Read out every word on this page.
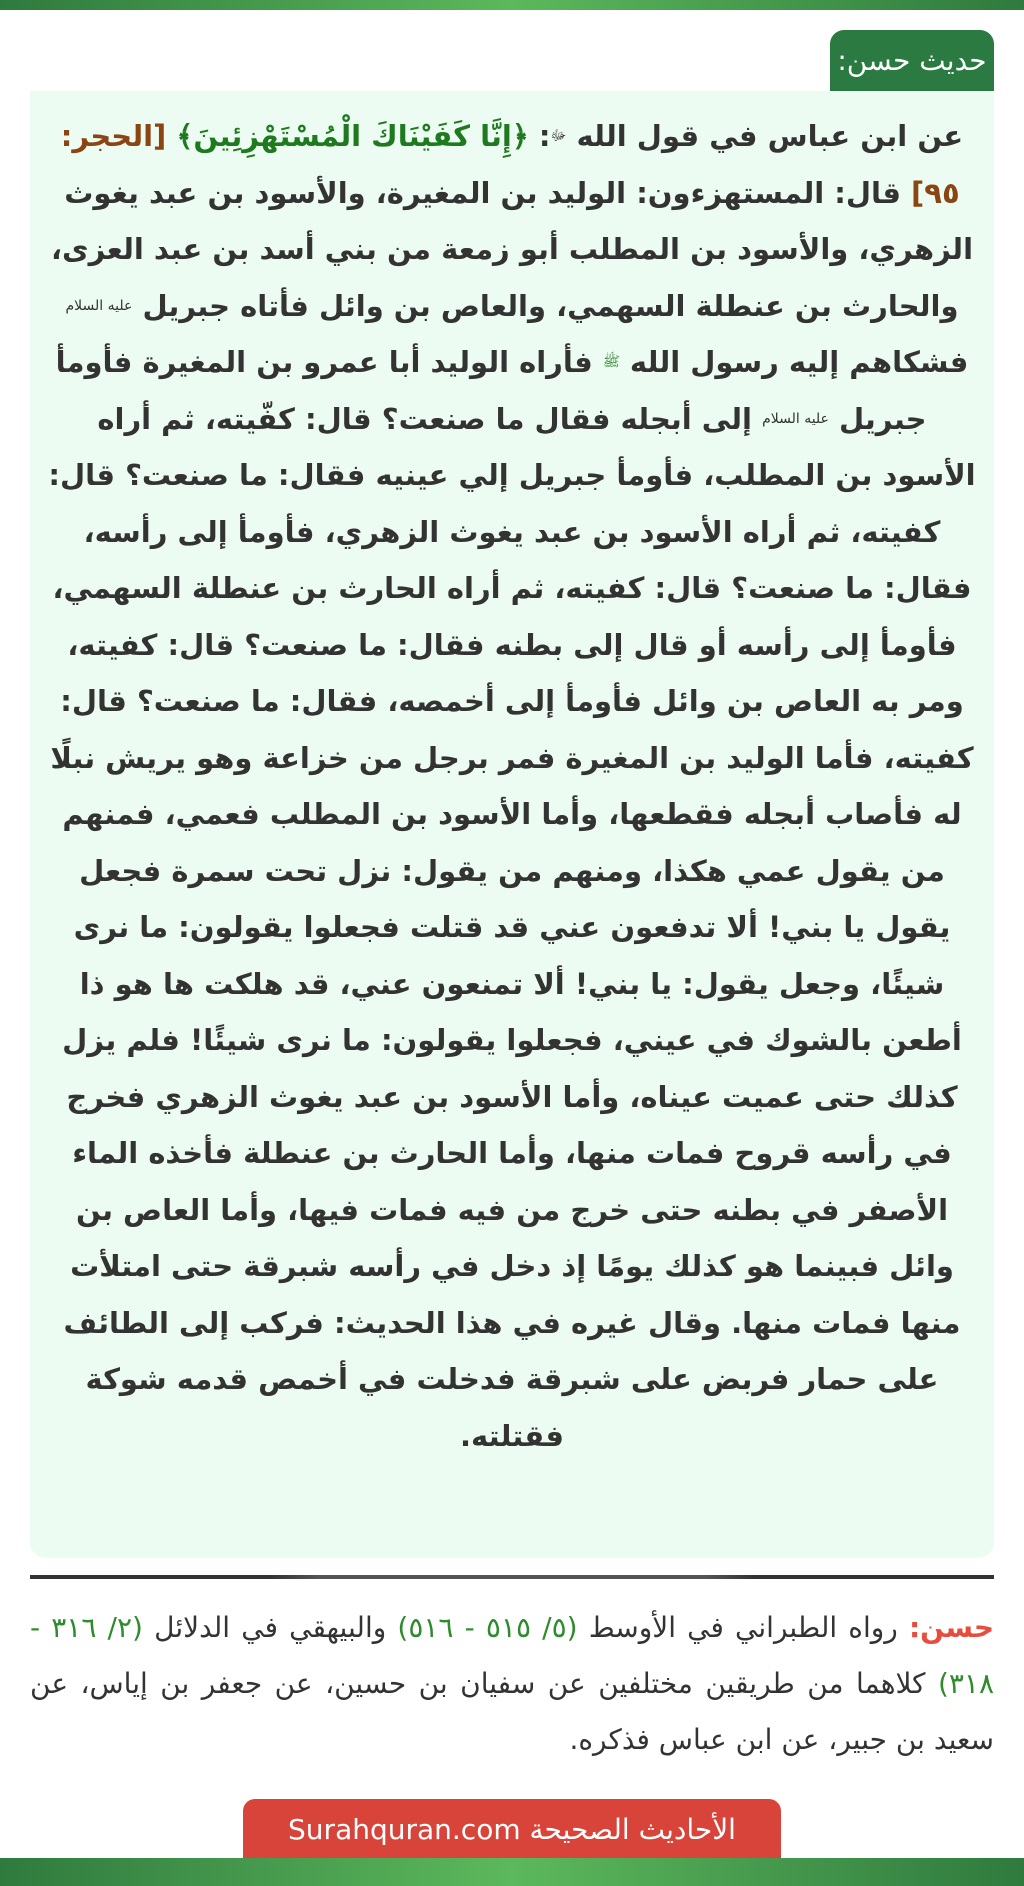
حديث حسن:

عن ابن عباس في قول الله $^ﷻ$: ﴿إِنَّا كَفَيْنَاكَ الْمُسْتَهْزِئِينَ﴾ [الحجر: ٩٥] قال: المستهزءون: الوليد بن المغيرة، والأسود بن عبد يغوث الزهري، والأسود بن المطلب أبو زمعة من بني أسد بن عبد العزى، والحارث بن عنطلة السهمي، والعاص بن وائل فأتاه جبريل $^{عليه السلام}$ فشكاهم إليه رسول الله $^ﷺ$ فأراه الوليد أبا عمرو بن المغيرة فأومأ جبريل $^{عليه السلام}$ إلى أبجله فقال ما صنعت؟ قال: كفّيته، ثم أراه الأسود بن المطلب، فأومأ جبريل إلي عينيه فقال: ما صنعت؟ قال: كفيته، ثم أراه الأسود بن عبد يغوث الزهري، فأومأ إلى رأسه، فقال: ما صنعت؟ قال: كفيته، ثم أراه الحارث بن عنطلة السهمي، فأومأ إلى رأسه أو قال إلى بطنه فقال: ما صنعت؟ قال: كفيته، ومر به العاص بن وائل فأومأ إلى أخمصه، فقال: ما صنعت؟ قال: كفيته، فأما الوليد بن المغيرة فمر برجل من خزاعة وهو يريش نبلًا له فأصاب أبجله فقطعها، وأما الأسود بن المطلب فعمي، فمنهم من يقول عمي هكذا، ومنهم من يقول: نزل تحت سمرة فجعل يقول يا بني! ألا تدفعون عني قد قتلت فجعلوا يقولون: ما نرى شيئًا، وجعل يقول: يا بني! ألا تمنعون عني، قد هلكت ها هو ذا أطعن بالشوك في عيني، فجعلوا يقولون: ما نرى شيئًا! فلم يزل كذلك حتى عميت عيناه، وأما الأسود بن عبد يغوث الزهري فخرج في رأسه قروح فمات منها، وأما الحارث بن عنطلة فأخذه الماء الأصفر في بطنه حتى خرج من فيه فمات فيها، وأما العاص بن وائل فبينما هو كذلك يومًا إذ دخل في رأسه شبرقة حتى امتلأت منها فمات منها. وقال غيره في هذا الحديث: فركب إلى الطائف على حمار فربض على شبرقة فدخلت في أخمص قدمه شوكة فقتلته.

حسن: رواه الطبراني في الأوسط (٥/ ٥١٥ - ٥١٦) والبيهقي في الدلائل (٢/ ٣١٦ - ٣١٨) كلاهما من طريقين مختلفين عن سفيان بن حسين، عن جعفر بن إياس، عن سعيد بن جبير، عن ابن عباس فذكره.

الأحاديث الصحيحة Surahquran.com
